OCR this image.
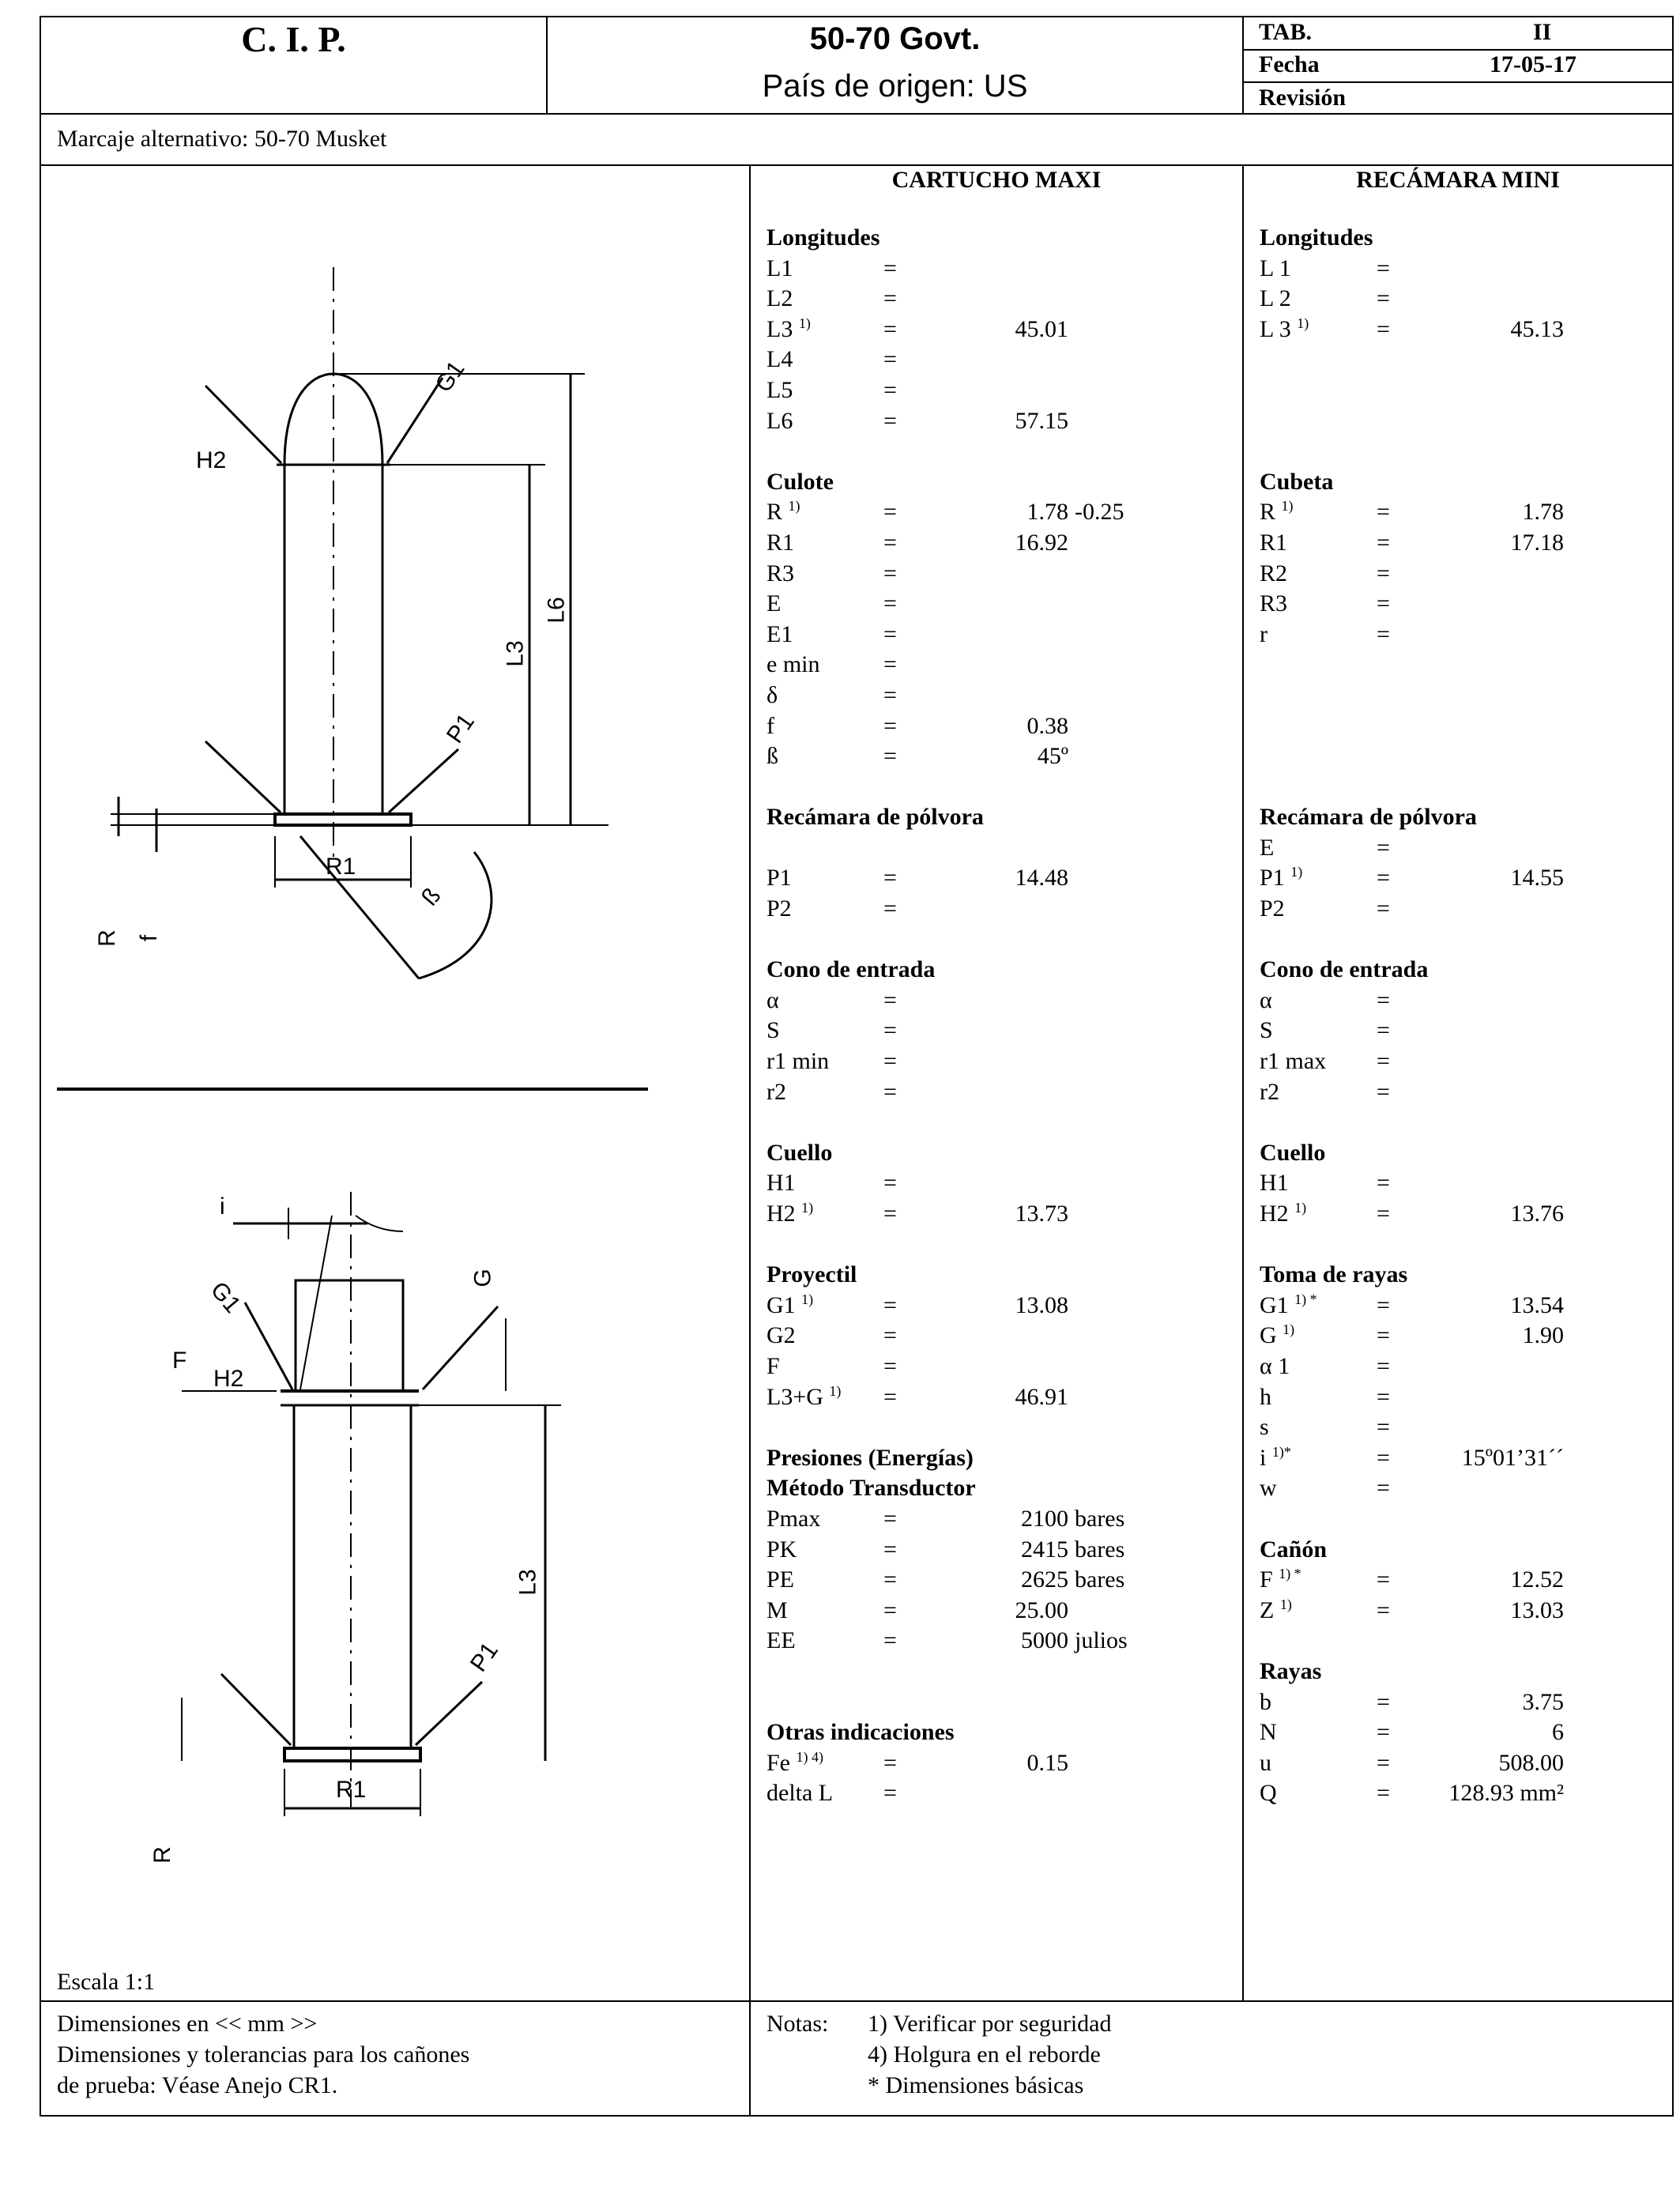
C. I. P.	50-70 Govt.
País de origen: US
TAB.	II
Fecha	17-05-17
Revisión
Marcaje alternativo: 50-70 Musket
CARTUCHO MAXI	RECÁMARA MINI
Longitudes
L1	=
L2	=
L3 $^{1)}$	=	45.01
L4	=
L5	=
L6	=	57.15
Culote
R $^{1)}$	=	1.78 -0.25
R1	=	16.92
R3	=
E	=
E1	=
e min	=
δ	=
f	=	0.38
ß	=	45º
Recámara de pólvora
P1	=	14.48
P2	=
Cono de entrada
α	=
S	=
r1 min =
r2	=
Cuello
H1	=
H2 $^{1)}$	=	13.73
Proyectil
G1 $^{1)}$	=	13.08
G2	=
F	=
L3+G $^{1)}$ =	46.91
Presiones (Energías)
Método Transductor
Pmax	=	2100 bares
PK	=	2415 bares
PE	=	2625 bares
M	=	25.00
EE	=	5000 julios
Otras indicaciones
Fe $^{1) 4)}$	=	0.15
delta L =
Longitudes
L 1	=
L 2	=
L 3 $^{1)}$	=	45.13
Cubeta
R $^{1)}$	=	1.78
R1	=	17.18
R2	=
R3	=
r	=
Recámara de pólvora
E	=
P1 $^{1)}$	=	14.55
P2	=
Cono de entrada
α	=
S	=
r1 max =
r2	=
Cuello
H1	=
H2 $^{1)}$	=	13.76
Toma de rayas
G1 $^{1) *}$	=	13.54
G $^{1)}$	=	1.90
α 1	=
h	=
s	=
i $^{1)*}$	=	15º01’31´´
w	=
Cañón
F $^{1) *}$	=	12.52
Z $^{1)}$	=	13.03
Rayas
b	=	3.75
N	=	6
u	=	508.00
Q	= 128.93 mm²
G1
H2
L6
L3
P1
R1
ß
R f
i
G1	G
F
H2
L3
P1
R1
R
Escala 1:1
Dimensiones en << mm >>
Dimensiones y tolerancias para los cañones
de prueba: Véase Anejo CR1.
Notas: 1) Verificar por seguridad
4) Holgura en el reborde
* Dimensiones básicas
